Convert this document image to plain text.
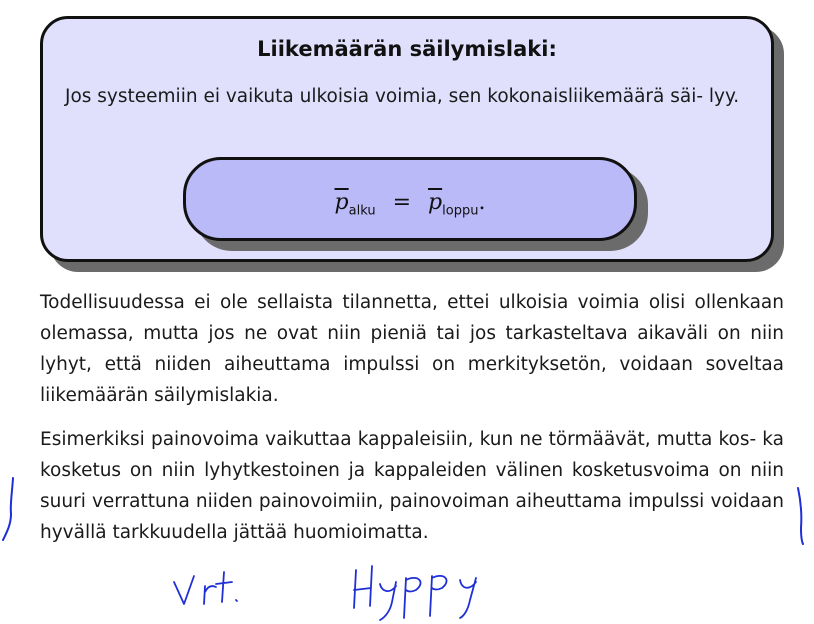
Liikemäärän säilymislaki:

Jos systeemiin ei vaikuta ulkoisia voimia, sen kokonaisliikemäärä säi- lyy.

$\overline{p}_{alku} = \overline{p}_{loppu}$.

Todellisuudessa ei ole sellaista tilannetta, ettei ulkoisia voimia olisi ollenkaan olemassa, mutta jos ne ovat niin pieniä tai jos tarkasteltava aikaväli on niin lyhyt, että niiden aiheuttama impulssi on merkityksetön, voidaan soveltaa liikemäärän säilymislakia.

Esimerkiksi painovoima vaikuttaa kappaleisiin, kun ne törmäävät, mutta kos- ka kosketus on niin lyhytkestoinen ja kappaleiden välinen kosketusvoima on niin suuri verrattuna niiden painovoimiin, painovoiman aiheuttama impulssi voidaan hyvällä tarkkuudella jättää huomioimatta.
